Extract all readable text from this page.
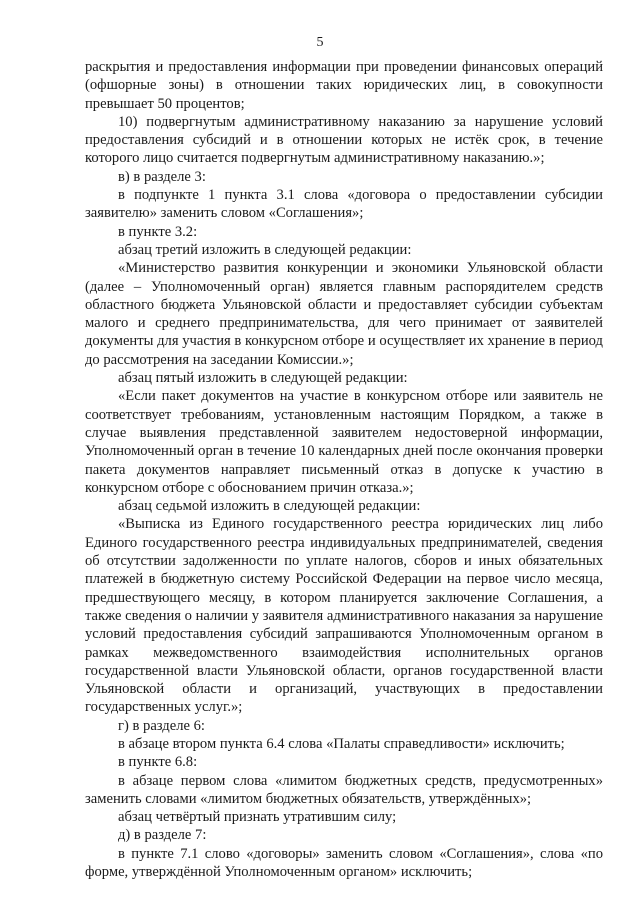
5

раскрытия и предоставления информации при проведении финансовых операций (офшорные зоны) в отношении таких юридических лиц, в совокупности превышает 50 процентов;

10) подвергнутым административному наказанию за нарушение условий предоставления субсидий и в отношении которых не истёк срок, в течение которого лицо считается подвергнутым административному наказанию.»;

в) в разделе 3:

в подпункте 1 пункта 3.1 слова «договора о предоставлении субсидии заявителю» заменить словом «Соглашения»;

в пункте 3.2:

абзац третий изложить в следующей редакции:

«Министерство развития конкуренции и экономики Ульяновской области (далее – Уполномоченный орган) является главным распорядителем средств областного бюджета Ульяновской области и предоставляет субсидии субъектам малого и среднего предпринимательства, для чего принимает от заявителей документы для участия в конкурсном отборе и осуществляет их хранение в период до рассмотрения на заседании Комиссии.»;

абзац пятый изложить в следующей редакции:

«Если пакет документов на участие в конкурсном отборе или заявитель не соответствует требованиям, установленным настоящим Порядком, а также в случае выявления представленной заявителем недостоверной информации, Уполномоченный орган в течение 10 календарных дней после окончания проверки пакета документов направляет письменный отказ в допуске к участию в конкурсном отборе с обоснованием причин отказа.»;

абзац седьмой изложить в следующей редакции:

«Выписка из Единого государственного реестра юридических лиц либо Единого государственного реестра индивидуальных предпринимателей, сведения об отсутствии задолженности по уплате налогов, сборов и иных обязательных платежей в бюджетную систему Российской Федерации на первое число месяца, предшествующего месяцу, в котором планируется заключение Соглашения, а также сведения о наличии у заявителя административного наказания за нарушение условий предоставления субсидий запрашиваются Уполномоченным органом в рамках межведомственного взаимодействия исполнительных органов государственной власти Ульяновской области, органов государственной власти Ульяновской области и организаций, участвующих в предоставлении государственных услуг.»;

г) в разделе 6:

в абзаце втором пункта 6.4 слова «Палаты справедливости» исключить;

в пункте 6.8:

в абзаце первом слова «лимитом бюджетных средств, предусмотренных» заменить словами «лимитом бюджетных обязательств, утверждённых»;

абзац четвёртый признать утратившим силу;

д) в разделе 7:

в пункте 7.1 слово «договоры» заменить словом «Соглашения», слова «по форме, утверждённой Уполномоченным органом» исключить;
